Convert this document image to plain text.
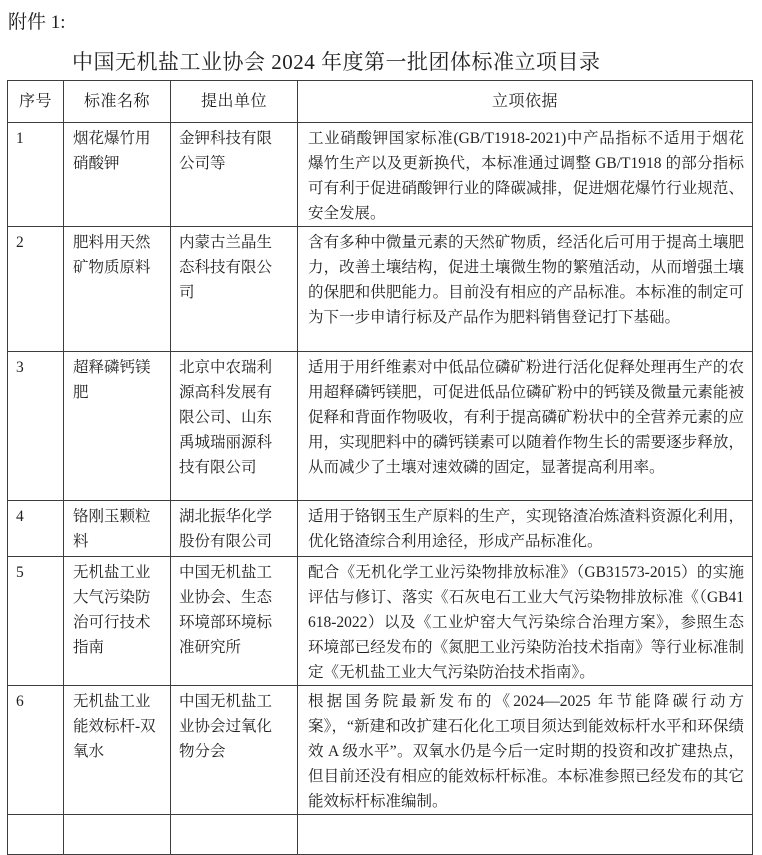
附件 1:
中国无机盐工业协会 2024 年度第一批团体标准立项目录
序号	标准名称	提出单位	立项依据
1	烟花爆竹用硝酸钾	金钾科技有限公司等	工业硝酸钾国家标准(GB/T1918-2021)中产品指标不适用于烟花爆竹生产以及更新换代，本标准通过调整 GB/T1918 的部分指标可有利于促进硝酸钾行业的降碳减排，促进烟花爆竹行业规范、安全发展。
2	肥料用天然矿物质原料	内蒙古兰晶生态科技有限公司	含有多种中微量元素的天然矿物质，经活化后可用于提高土壤肥力，改善土壤结构，促进土壤微生物的繁殖活动，从而增强土壤的保肥和供肥能力。目前没有相应的产品标准。本标准的制定可为下一步申请行标及产品作为肥料销售登记打下基础。
3	超释磷钙镁肥	北京中农瑞利源高科发展有限公司、山东禹城瑞丽源科技有限公司	适用于用纤维素对中低品位磷矿粉进行活化促释处理再生产的农用超释磷钙镁肥，可促进低品位磷矿粉中的钙镁及微量元素能被促释和背面作物吸收，有利于提高磷矿粉状中的全营养元素的应用，实现肥料中的磷钙镁素可以随着作物生长的需要逐步释放，从而减少了土壤对速效磷的固定，显著提高利用率。
4	铬刚玉颗粒料	湖北振华化学股份有限公司	适用于铬钢玉生产原料的生产，实现铬渣冶炼渣料资源化利用，优化铬渣综合利用途径，形成产品标准化。
5	无机盐工业大气污染防治可行技术指南	中国无机盐工业协会、生态环境部环境标准研究所	配合《无机化学工业污染物排放标准》（GB31573-2015）的实施评估与修订、落实《石灰电石工业大气污染物排放标准《（GB41618-2022）以及《工业炉窑大气污染综合治理方案》，参照生态环境部已经发布的《氮肥工业污染防治技术指南》等行业标准制定《无机盐工业大气污染防治技术指南》。
6	无机盐工业能效标杆-双氧水	中国无机盐工业协会过氧化物分会	根据国务院最新发布的《2024—2025 年节能降碳行动方案》，“新建和改扩建石化化工项目须达到能效标杆水平和环保绩效 A 级水平”。双氧水仍是今后一定时期的投资和改扩建热点，但目前还没有相应的能效标杆标准。本标准参照已经发布的其它能效标杆标准编制。
